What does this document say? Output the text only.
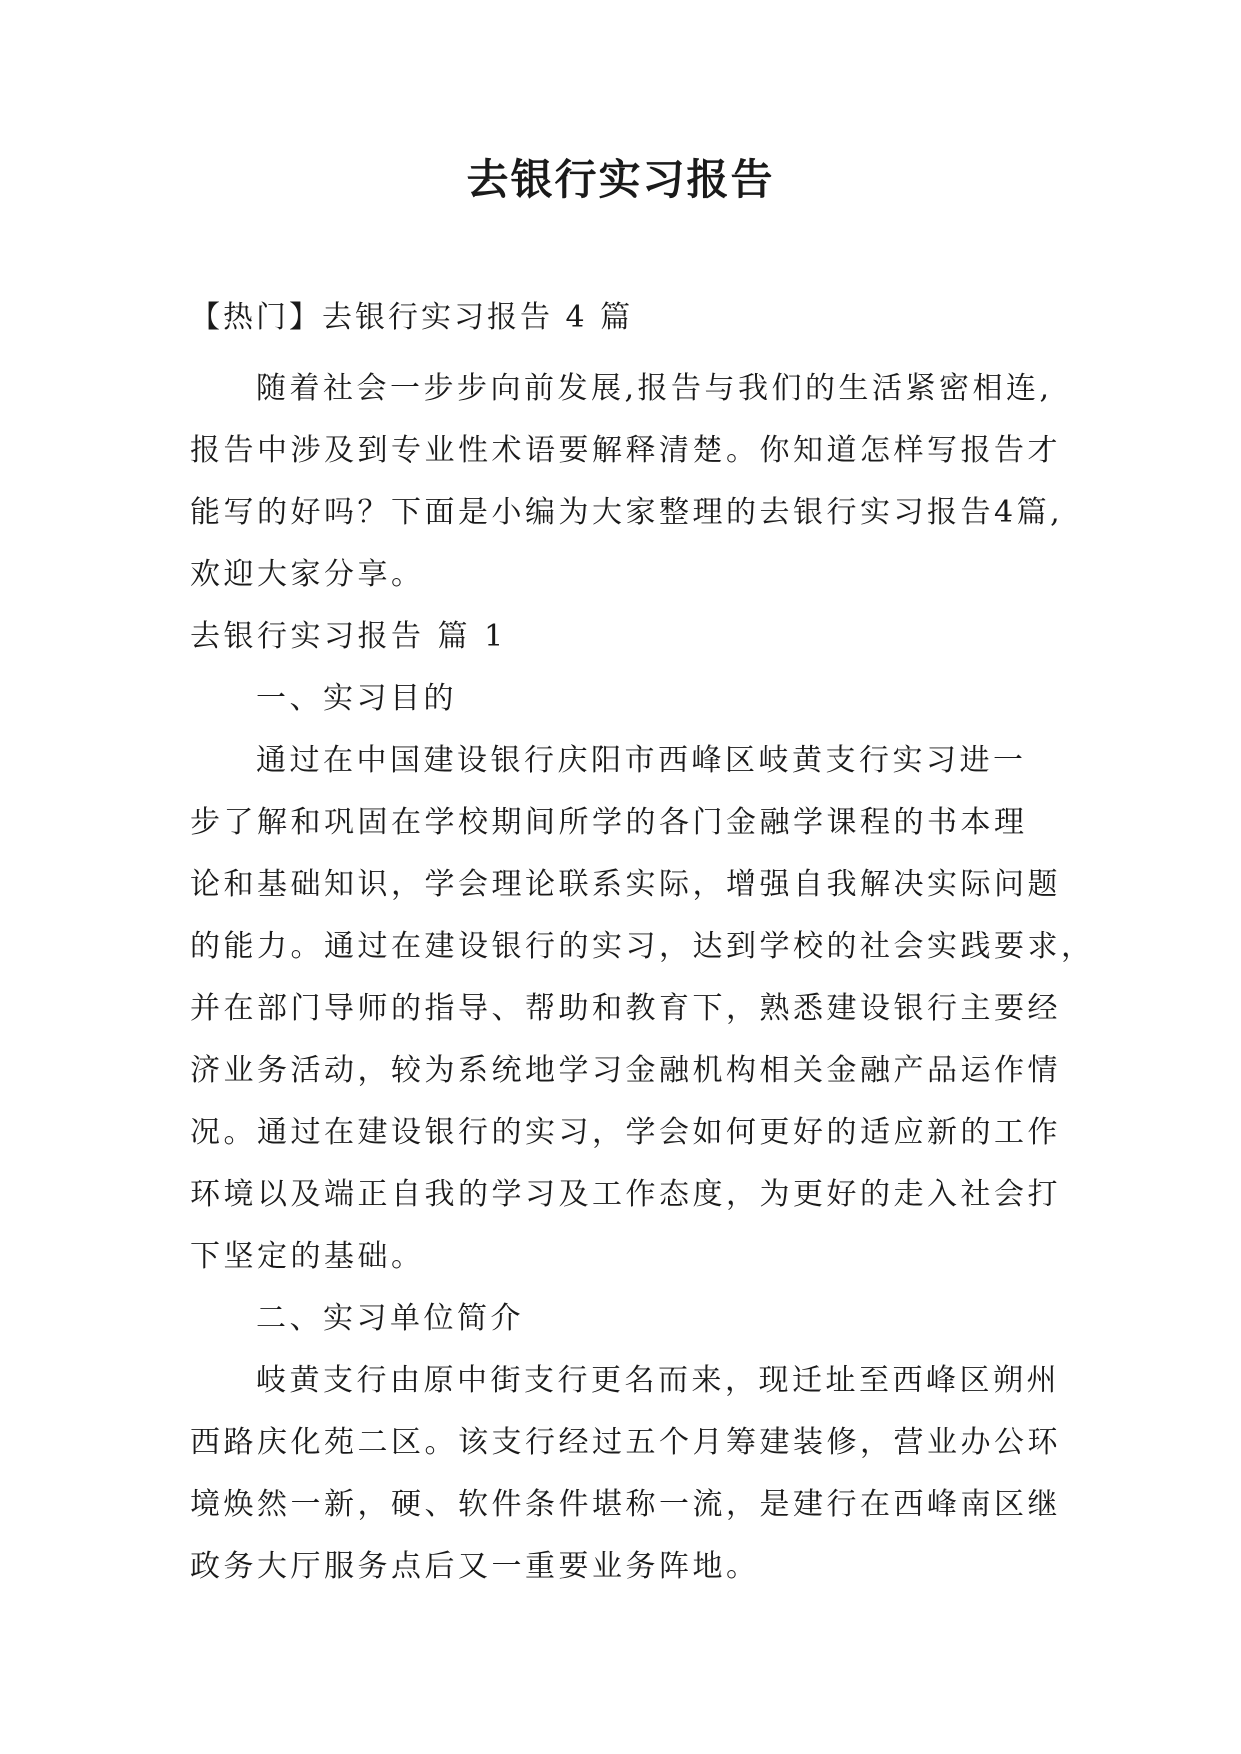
去银行实习报告
【热门】去银行实习报告 4 篇
随着社会一步步向前发展,报告与我们的生活紧密相连,
报告中涉及到专业性术语要解释清楚。你知道怎样写报告才
能写的好吗？下面是小编为大家整理的去银行实习报告4篇,
欢迎大家分享。
去银行实习报告 篇 1
一、实习目的
通过在中国建设银行庆阳市西峰区岐黄支行实习进一
步了解和巩固在学校期间所学的各门金融学课程的书本理
论和基础知识，学会理论联系实际，增强自我解决实际问题
的能力。通过在建设银行的实习，达到学校的社会实践要求，
并在部门导师的指导、帮助和教育下，熟悉建设银行主要经
济业务活动，较为系统地学习金融机构相关金融产品运作情
况。通过在建设银行的实习，学会如何更好的适应新的工作
环境以及端正自我的学习及工作态度，为更好的走入社会打
下坚定的基础。
二、实习单位简介
岐黄支行由原中街支行更名而来，现迁址至西峰区朔州
西路庆化苑二区。该支行经过五个月筹建装修，营业办公环
境焕然一新，硬、软件条件堪称一流，是建行在西峰南区继
政务大厅服务点后又一重要业务阵地。
